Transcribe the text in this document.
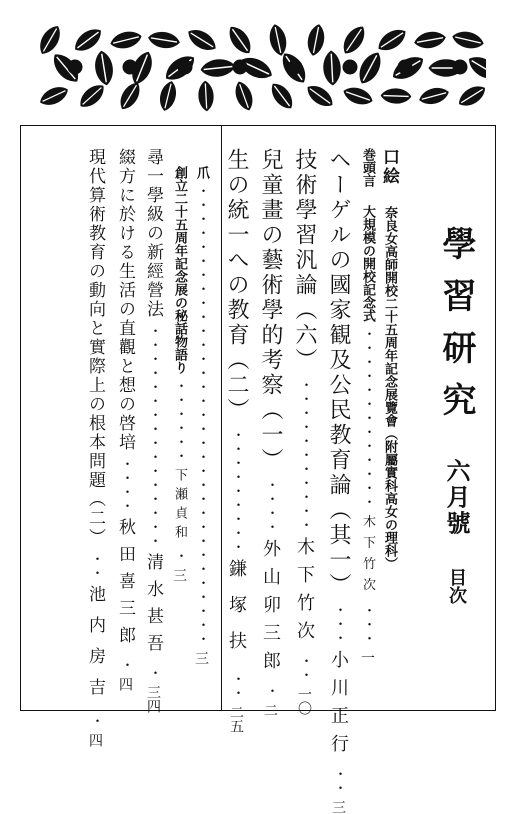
學習研究  六月號  目次
口絵  奈良女高師開校二十五周年記念展覽會（附屬實科高女の理科）
巻頭言  大規模の開校記念式 ・・・・・・・・・・・・・ 木下竹次 ・・・ 一
ヘーゲルの國家観及公民教育論（其一） ・・・ 小川正行 ・・ 三
技術學習汎論（六） ・・・・・・・・・・・ 木下竹次 ・・ 一〇
兒童畫の藝術學的考察（一） ・・・・ 外山卯三郎 ・ 二
生の統一への教育（二） ・・・・・・・・・ 鎌塚扶 ・・ 二五
爪 ・・・・・・・・・・・・・・・・・・・・・・・・・・・・・・・・・ 三
創立二十五周年記念展の秘話物語り ・・・・・・ 下瀬貞和 ・ 三
尋一學級の新經營法 ・・・・・・・・・・・・・・・・ 清水甚吾 ・ 三四
綴方に於ける生活の直觀と想の啓培 ・・・・ 秋田喜三郎 ・ 四
現代算術教育の動向と實際上の根本問題（二） ・・ 池内房吉 ・ 四
